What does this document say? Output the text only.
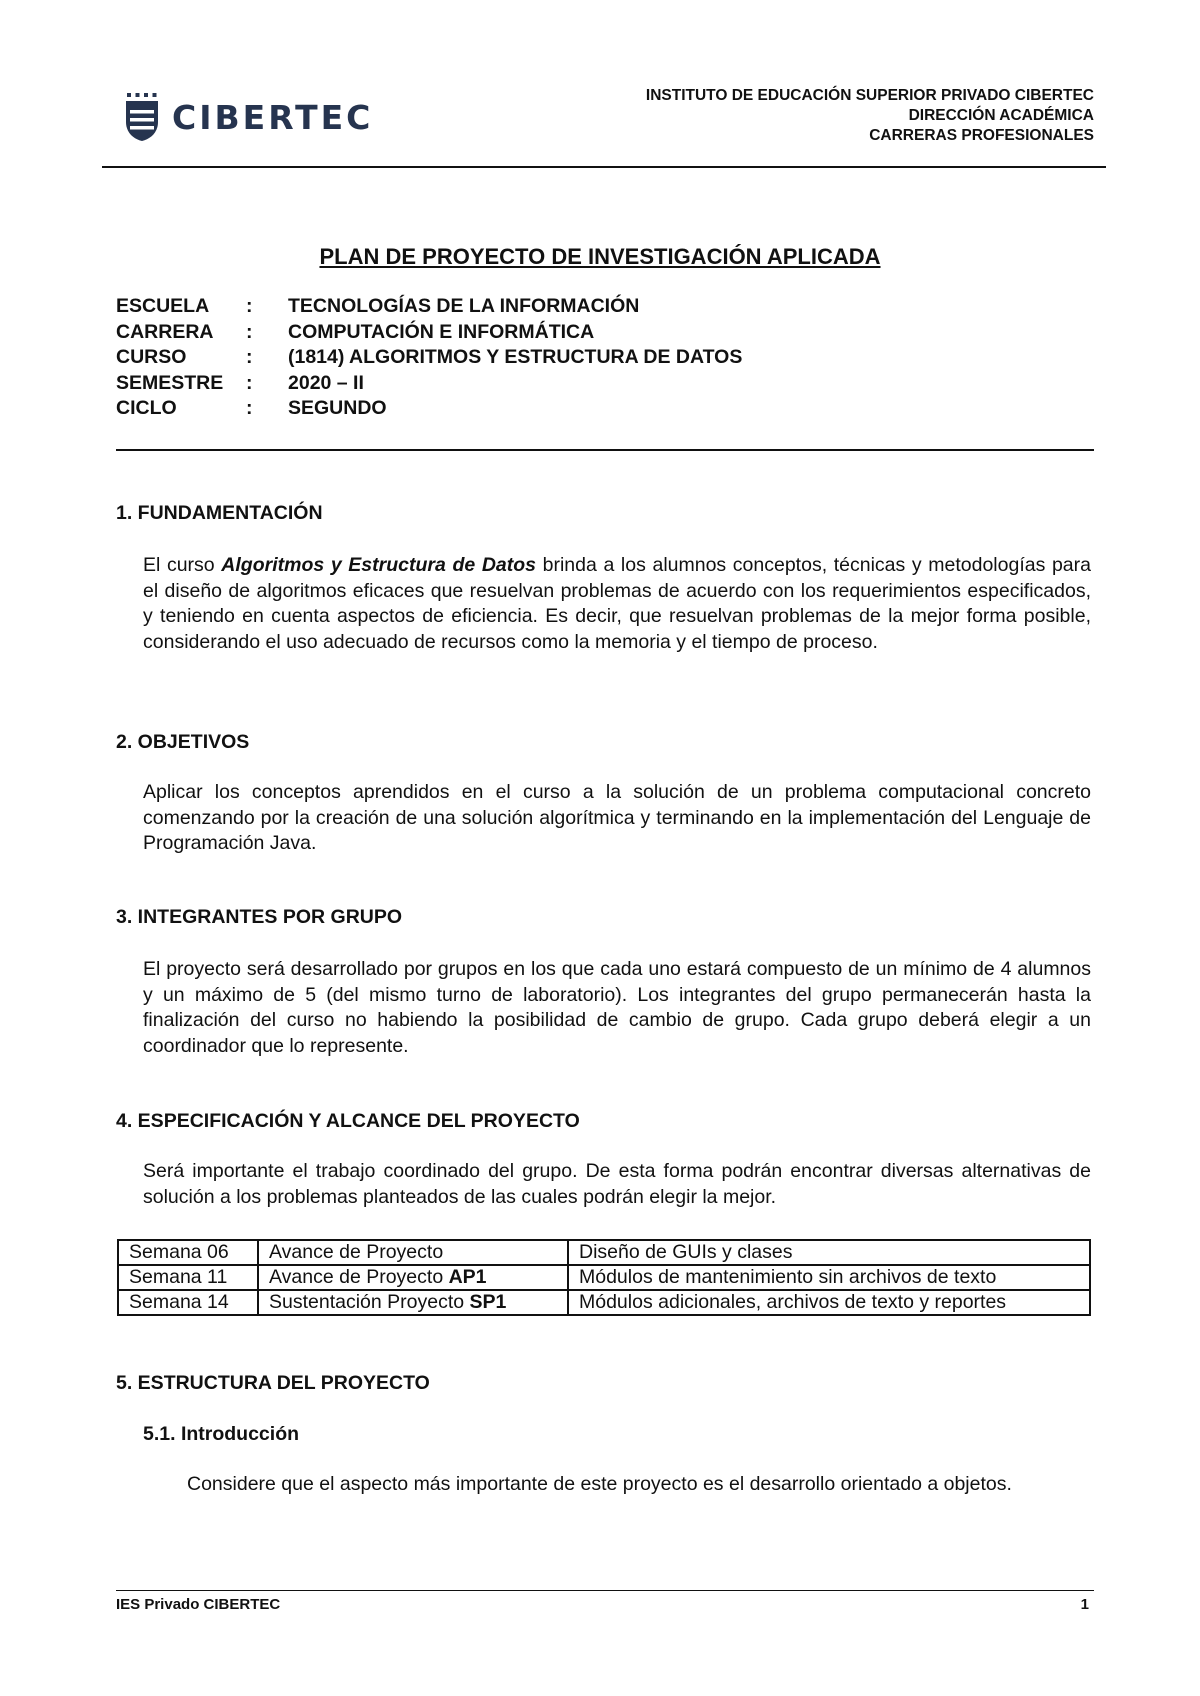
CIBERTEC
INSTITUTO DE EDUCACIÓN SUPERIOR PRIVADO CIBERTEC
DIRECCIÓN ACADÉMICA
CARRERAS PROFESIONALES
PLAN DE PROYECTO DE INVESTIGACIÓN APLICADA
ESCUELA	:	TECNOLOGÍAS DE LA INFORMACIÓN
CARRERA	:	COMPUTACIÓN E INFORMÁTICA
CURSO	:	(1814) ALGORITMOS Y ESTRUCTURA DE DATOS
SEMESTRE	:	2020 – II
CICLO	:	SEGUNDO
1. FUNDAMENTACIÓN
El curso Algoritmos y Estructura de Datos brinda a los alumnos conceptos, técnicas y metodologías para el diseño de algoritmos eficaces que resuelvan problemas de acuerdo con los requerimientos especificados, y teniendo en cuenta aspectos de eficiencia. Es decir, que resuelvan problemas de la mejor forma posible, considerando el uso adecuado de recursos como la memoria y el tiempo de proceso.
2. OBJETIVOS
Aplicar los conceptos aprendidos en el curso a la solución de un problema computacional concreto comenzando por la creación de una solución algorítmica y terminando en la implementación del Lenguaje de Programación Java.
3. INTEGRANTES POR GRUPO
El proyecto será desarrollado por grupos en los que cada uno estará compuesto de un mínimo de 4 alumnos y un máximo de 5 (del mismo turno de laboratorio). Los integrantes del grupo permanecerán hasta la finalización del curso no habiendo la posibilidad de cambio de grupo. Cada grupo deberá elegir a un coordinador que lo represente.
4. ESPECIFICACIÓN Y ALCANCE DEL PROYECTO
Será importante el trabajo coordinado del grupo. De esta forma podrán encontrar diversas alternativas de solución a los problemas planteados de las cuales podrán elegir la mejor.
Semana 06	Avance de Proyecto	Diseño de GUIs y clases
Semana 11	Avance de Proyecto AP1	Módulos de mantenimiento sin archivos de texto
Semana 14	Sustentación Proyecto SP1	Módulos adicionales, archivos de texto y reportes
5. ESTRUCTURA DEL PROYECTO
5.1. Introducción
Considere que el aspecto más importante de este proyecto es el desarrollo orientado a objetos.
IES Privado CIBERTEC	1
